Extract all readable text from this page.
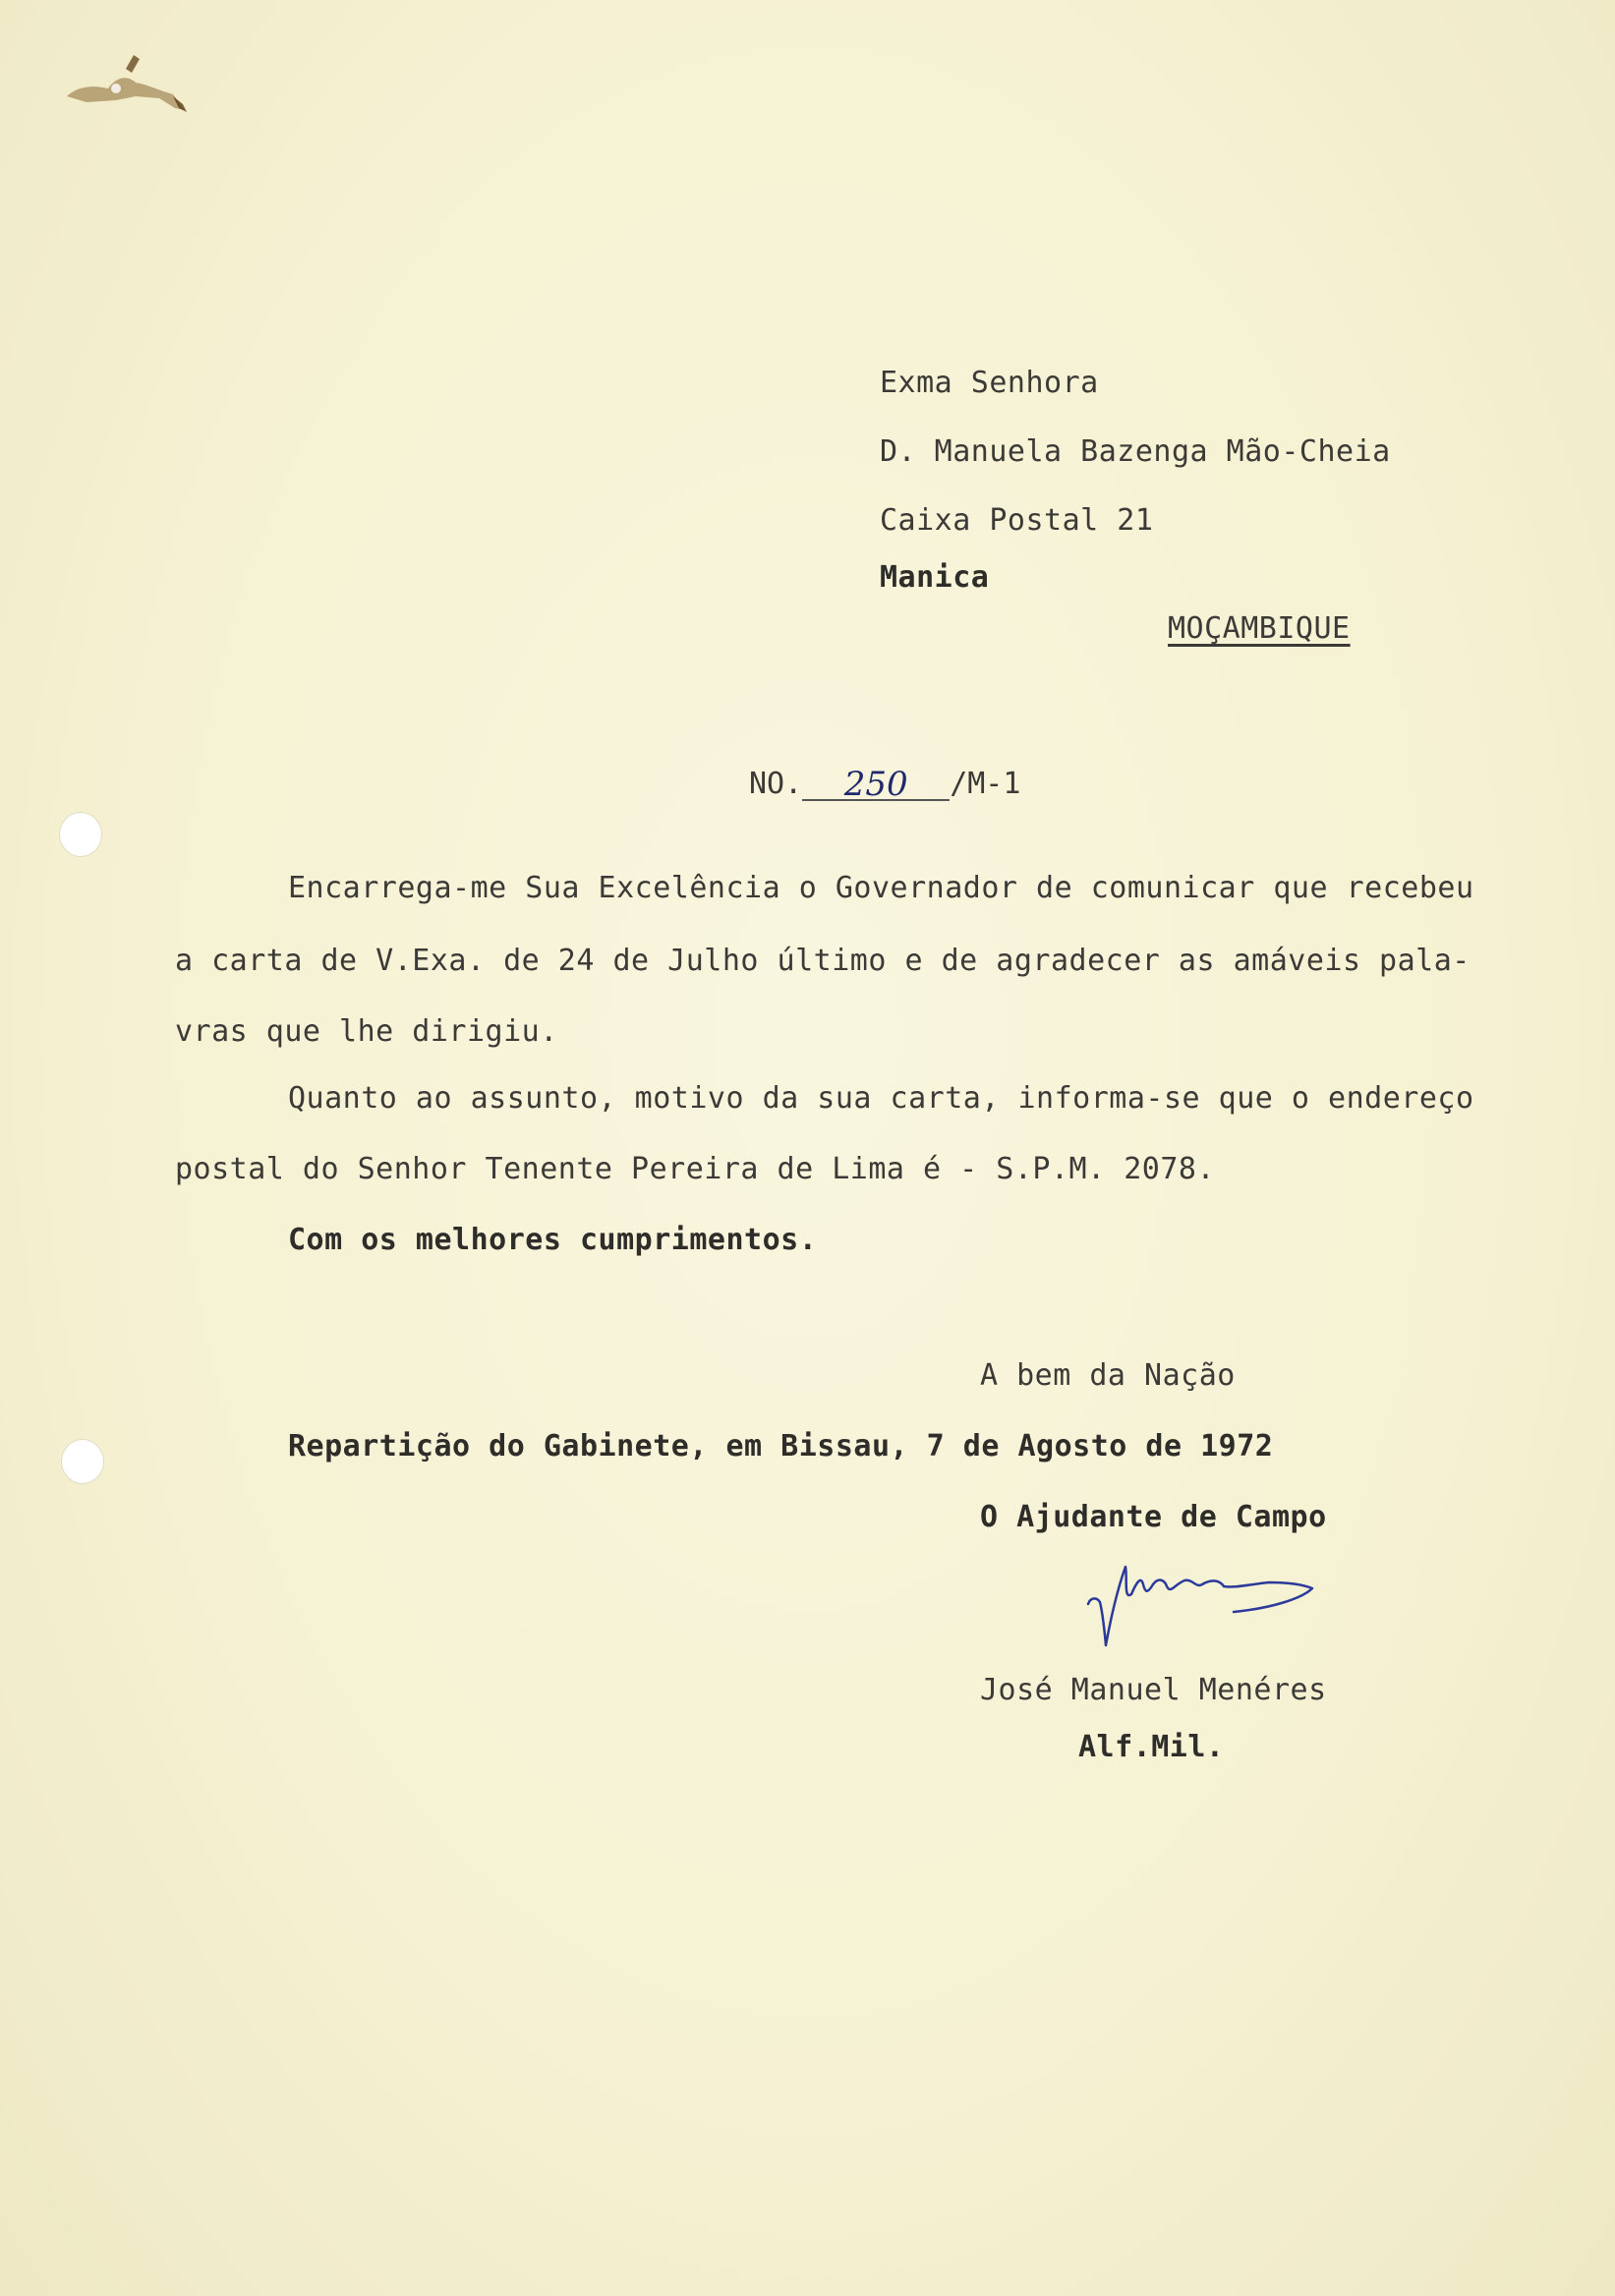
Exma Senhora
D. Manuela Bazenga Mão-Cheia
Caixa Postal 21
Manica
MOÇAMBIQUE
NO. 250 /M-1
Encarrega-me Sua Excelência o Governador de comunicar que recebeu
a carta de V.Exa. de 24 de Julho último e de agradecer as amáveis pala-
vras que lhe dirigiu.
Quanto ao assunto, motivo da sua carta, informa-se que o endereço
postal do Senhor Tenente Pereira de Lima é - S.P.M. 2078.
Com os melhores cumprimentos.
A bem da Nação
Repartição do Gabinete, em Bissau, 7 de Agosto de 1972
O Ajudante de Campo
José Manuel Menéres
Alf.Mil.
